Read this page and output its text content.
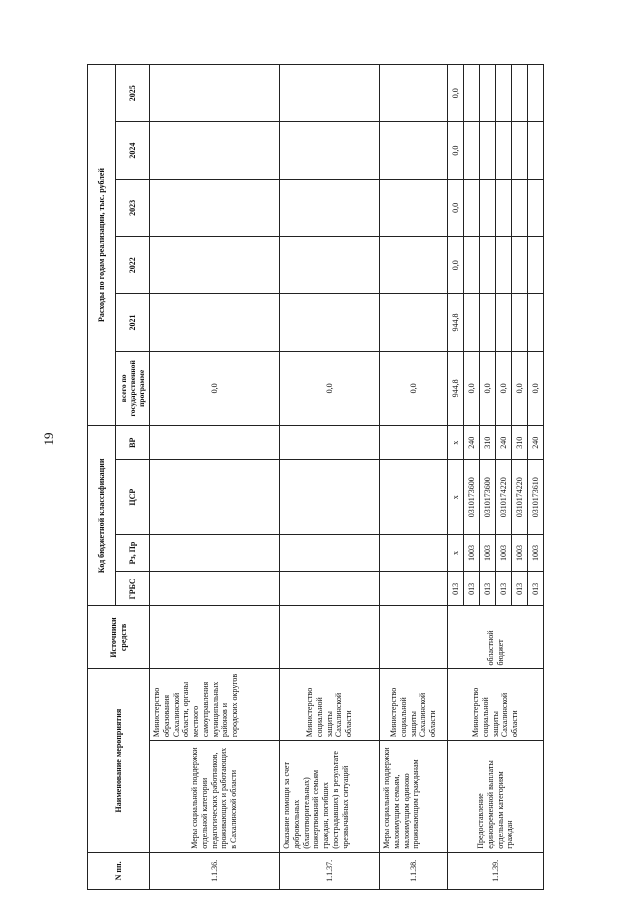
19
N пп.	Наименование мероприятия		Источники средств	Код бюджетной классификации				Расходы по годам реализации, тыс. рублей					
				ГРБС	Рз, Пр	ЦСР	ВР	всего по государственной программе	2021	2022	2023	2024	2025
1.1.36.	Меры социальной поддержки отдельной категории педагогических работников, проживающих и работающих в Сахалинской области	Министерство образования Сахалинской области, органы местного самоуправления муниципальных районов и городских округов						0,0					
1.1.37.	Оказание помощи за счет добровольных (благотворительных) пожертвований семьям граждан, погибших (пострадавших) в результате чрезвычайных ситуаций	Министерство социальной защиты Сахалинской области						0,0					
1.1.38.	Меры социальной поддержки малоимущим семьям, малоимущим одиноко проживающим гражданам	Министерство социальной защиты Сахалинской области						0,0					
1.1.39.	Предоставление единовременной выплаты отдельным категориям граждан	Министерство социальной защиты Сахалинской области	областной бюджет	013	x	x	x	944,8	944,8	0,0	0,0	0,0	0,0
				013	1003	0310173600	240	0,0					
				013	1003	0310173600	310	0,0					
				013	1003	0310174220	240	0,0					
				013	1003	0310174220	310	0,0					
				013	1003	0310173610	240	0,0					
